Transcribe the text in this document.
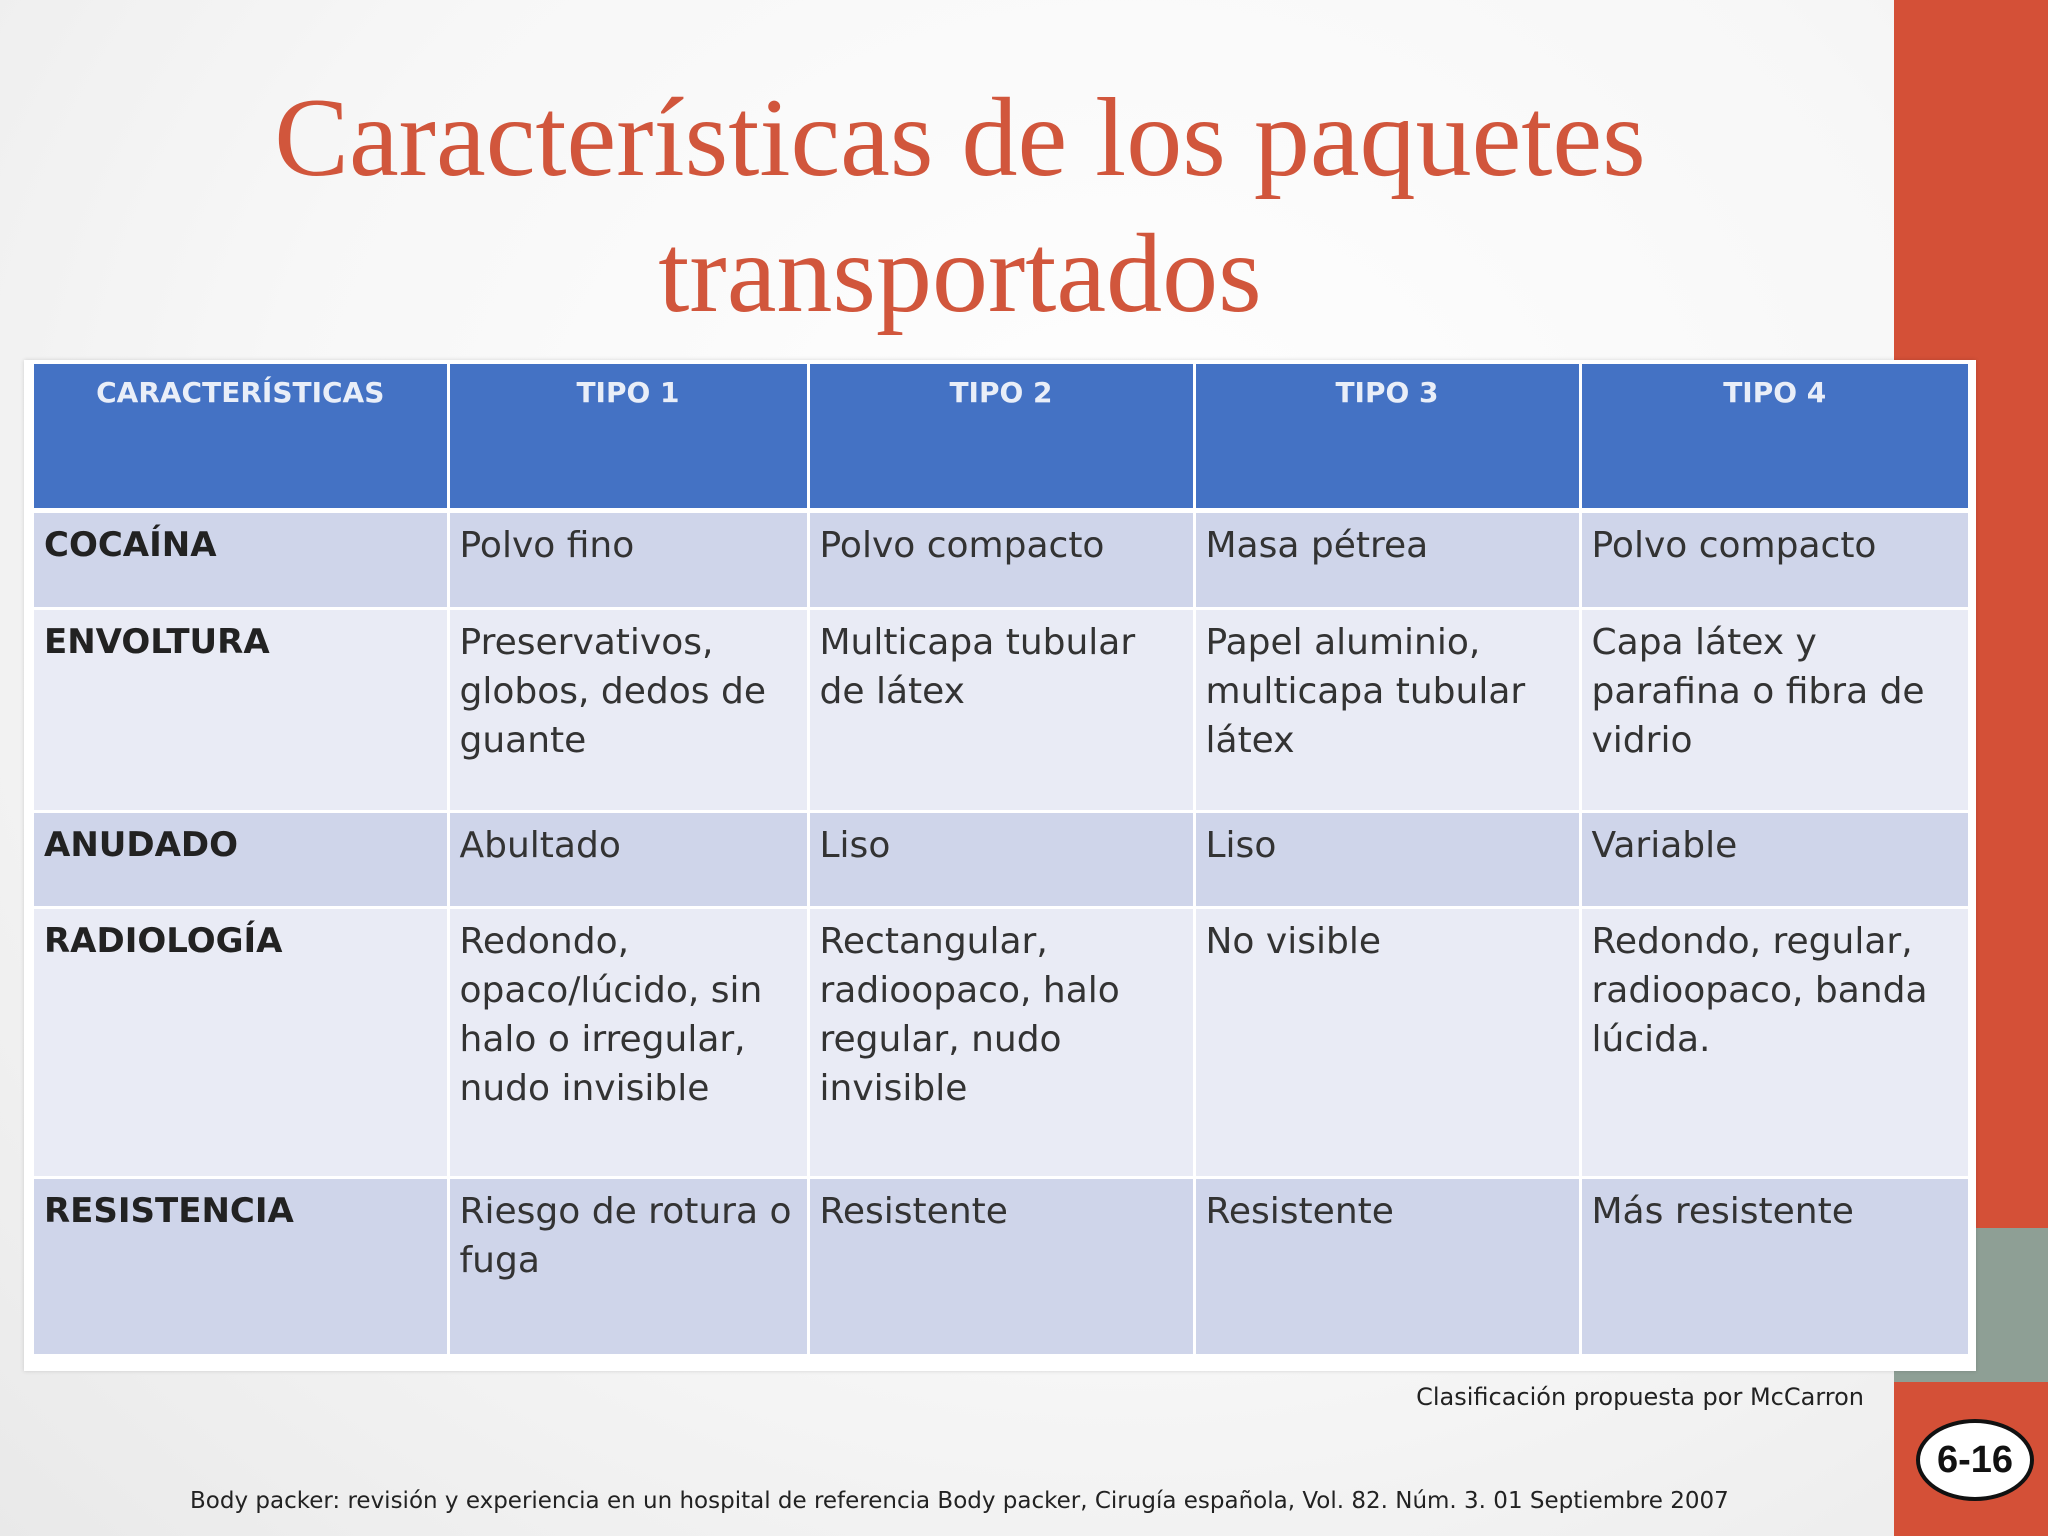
6-16
Características de los paquetes transportados
CARACTERÍSTICAS	TIPO 1	TIPO 2	TIPO 3	TIPO 4
COCAÍNA	Polvo fino	Polvo compacto	Masa pétrea	Polvo compacto
ENVOLTURA	Preservativos, globos, dedos de guante	Multicapa tubular de látex	Papel aluminio, multicapa tubular látex	Capa látex y parafina o fibra de vidrio
ANUDADO	Abultado	Liso	Liso	Variable
RADIOLOGÍA	Redondo, opaco/lúcido, sin halo o irregular, nudo invisible	Rectangular, radioopaco, halo regular, nudo invisible	No visible	Redondo, regular, radioopaco, banda lúcida.
RESISTENCIA	Riesgo de rotura o fuga	Resistente	Resistente	Más resistente
Clasificación propuesta por McCarron
Body packer: revisión y experiencia en un hospital de referencia Body packer, Cirugía española, Vol. 82. Núm. 3. 01 Septiembre 2007
